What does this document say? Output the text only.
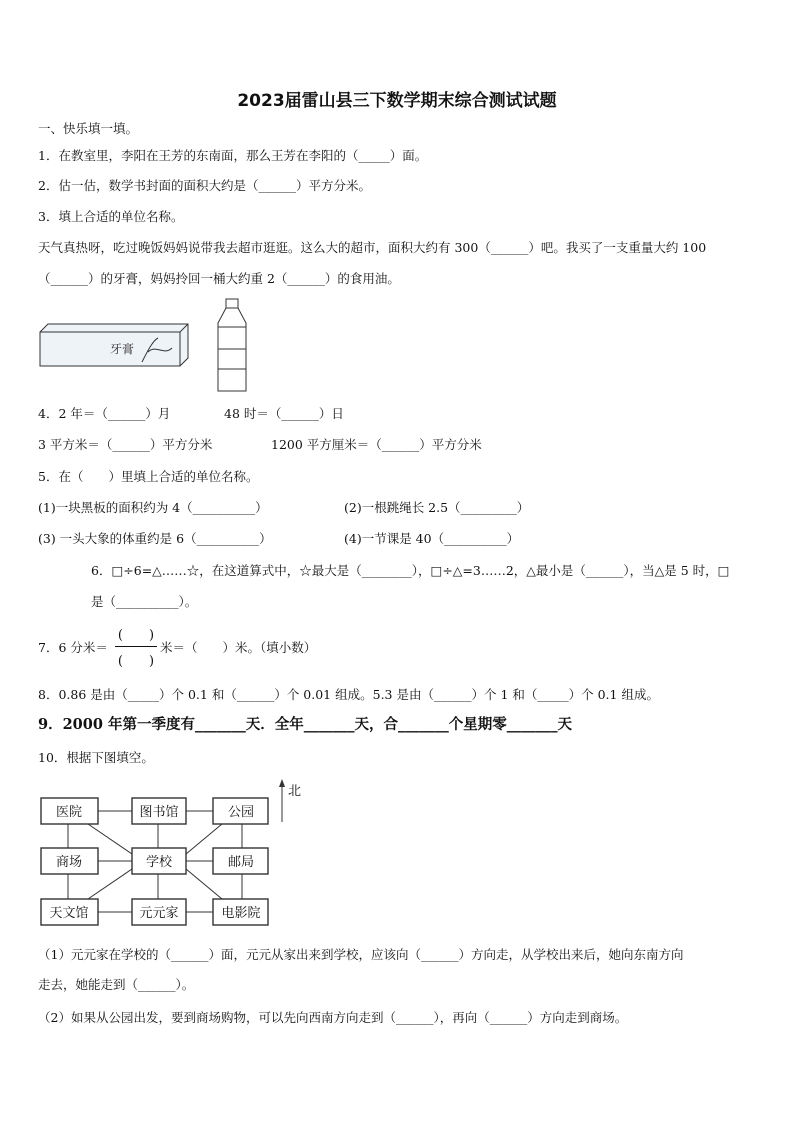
2023届雷山县三下数学期末综合测试试题
一、快乐填一填。
1．在教室里，李阳在王芳的东南面，那么王芳在李阳的（_____）面。
2．估一估，数学书封面的面积大约是（______）平方分米。
3．填上合适的单位名称。
天气真热呀，吃过晚饭妈妈说带我去超市逛逛。这么大的超市，面积大约有 300（______）吧。我买了一支重量大约 100
（______）的牙膏，妈妈拎回一桶大约重 2（______）的食用油。
牙膏
4．2 年＝（______）月	48 时＝（______）日
3 平方米＝（______）平方分米	1200 平方厘米＝（______）平方分米
5．在（　　）里填上合适的单位名称。
(1)一块黑板的面积约为 4（__________）	(2)一根跳绳长 2.5（_________）
(3) 一头大象的体重约是 6（__________）	(4)一节课是 40（__________）
6．□÷6=△……☆，在这道算式中，☆最大是（________），□÷△=3……2，△最小是（______），当△是 5 时，□
是（__________）。
7．6 分米＝
(　　)
(　　)
米＝（　　）米。（填小数）
8．0.86 是由（_____）个 0.1 和（______）个 0.01 组成。5.3 是由（______）个 1 和（_____）个 0.1 组成。
9．2000 年第一季度有_______天．全年_______天，合_______个星期零_______天
10．根据下图填空。
医院	图书馆	公园
商场	学校	邮局
天文馆	元元家	电影院
北
（1）元元家在学校的（______）面，元元从家出来到学校，应该向（______）方向走，从学校出来后，她向东南方向
走去，她能走到（______）。
（2）如果从公园出发，要到商场购物，可以先向西南方向走到（______），再向（______）方向走到商场。
